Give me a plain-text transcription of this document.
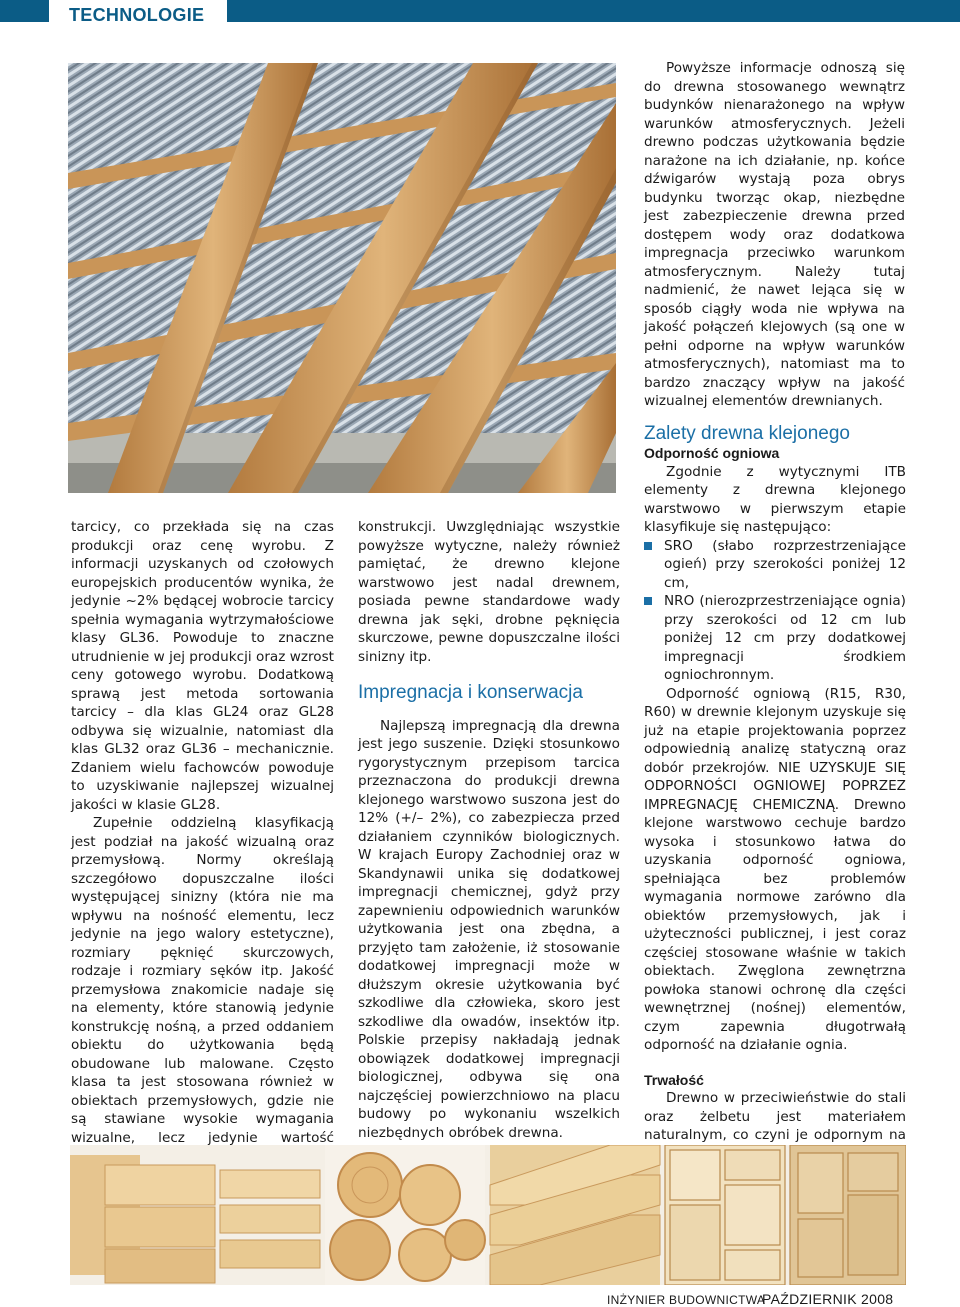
TECHNOLOGIE

Powyższe informacje odnoszą się do drewna stosowanego wewnątrz budynków nienarażonego na wpływ warunków atmosferycznych. Jeżeli drewno podczas użytkowania będzie narażone na ich działanie, np. końce dźwigarów wystają poza obrys budynku tworząc okap, niezbędne jest zabezpieczenie drewna przed dostępem wody oraz dodatkowa impregnacja przeciwko warunkom atmosferycznym. Należy tutaj nadmienić, że nawet lejąca się w sposób ciągły woda nie wpływa na jakość połączeń klejowych (są one w pełni odporne na wpływ warunków atmosferycznych), natomiast ma to bardzo znaczący wpływ na jakość wizualnej elementów drewnianych.

Zalety drewna klejonego

tarcicy, co przekłada się na czas produkcji oraz cenę wyrobu. Z informacji uzyskanych od czołowych europejskich producentów wynika, że jedynie ~2% będącej wobrocie tarcicy spełnia wymagania wytrzymałościowe klasy GL36. Powoduje to znaczne utrudnienie w jej produkcji oraz wzrost ceny gotowego wyrobu. Dodatkową sprawą jest metoda sortowania tarcicy – dla klas GL24 oraz GL28 odbywa się wizualnie, natomiast dla klas GL32 oraz GL36 – mechanicznie. Zdaniem wielu fachowców powoduje to uzyskiwanie najlepszej wizualnej jakości w klasie GL28.

Zupełnie oddzielną klasyfikacją jest podział na jakość wizualną oraz przemysłową. Normy określają szczegółowo dopuszczalne ilości występującej sinizny (która nie ma wpływu na nośność elementu, lecz jedynie na jego walory estetyczne), rozmiary pęknięć skurczowych, rodzaje i rozmiary sęków itp. Jakość przemysłowa znakomicie nadaje się na elementy, które stanowią jedynie konstrukcję nośną, a przed oddaniem obiektu do użytkowania będą obudowane lub malowane. Często klasa ta jest stosowana również w obiektach przemysłowych, gdzie nie są stawiane wysokie wymagania wizualne, lecz jedynie wartość

konstrukcji. Uwzględniając wszystkie powyższe wytyczne, należy również pamiętać, że drewno klejone warstwowo jest nadal drewnem, posiada pewne standardowe wady drewna jak sęki, drobne pęknięcia skurczowe, pewne dopuszczalne ilości sinizny itp.

Impregnacja i konserwacja

Najlepszą impregnacją dla drewna jest jego suszenie. Dzięki stosunkowo rygorystycznym przepisom tarcica przeznaczona do produkcji drewna klejonego warstwowo suszona jest do 12% (+/– 2%), co zabezpiecza przed działaniem czynników biologicznych. W krajach Europy Zachodniej oraz w Skandynawii unika się dodatkowej impregnacji chemicznej, gdyż przy zapewnieniu odpowiednich warunków użytkowania jest ona zbędna, a przyjęto tam założenie, iż stosowanie dodatkowej impregnacji może w dłuższym okresie użytkowania być szkodliwe dla człowieka, skoro jest szkodliwe dla owadów, insektów itp. Polskie przepisy nakładają jednak obowiązek dodatkowej impregnacji biologicznej, odbywa się ona najczęściej powierzchniowo na placu budowy po wykonaniu wszelkich niezbędnych obróbek drewna.

Odporność ogniowa

Zgodnie z wytycznymi ITB elementy z drewna klejonego warstwowo w pierwszym etapie klasyfikuje się następująco:

SRO (słabo rozprzestrzeniające ogień) przy szerokości poniżej 12 cm,
NRO (nierozprzestrzeniające ognia) przy szerokości od 12 cm lub poniżej 12 cm przy dodatkowej impregnacji środkiem ogniochronnym.

Odporność ogniową (R15, R30, R60) w drewnie klejonym uzyskuje się już na etapie projektowania poprzez odpowiednią analizę statyczną oraz dobór przekrojów. NIE UZYSKUJE SIĘ ODPORNOŚCI OGNIOWEJ POPRZEZ IMPREGNACJĘ CHEMICZNĄ. Drewno klejone warstwowo cechuje bardzo wysoka i stosunkowo łatwa do uzyskania odporność ogniowa, spełniająca bez problemów wymagania normowe zarówno dla obiektów przemysłowych, jak i użyteczności publicznej, i jest coraz częściej stosowane właśnie w takich obiektach. Zwęglona zewnętrzna powłoka stanowi ochronę dla części wewnętrznej (nośnej) elementów, czym zapewnia długotrwałą odporność na działanie ognia.

Trwałość

Drewno w przeciwieństwie do stali oraz żelbetu jest materiałem naturalnym, co czyni je odpornym na

INŻYNIER BUDOWNICTWA
PAŹDZIERNIK 2008
